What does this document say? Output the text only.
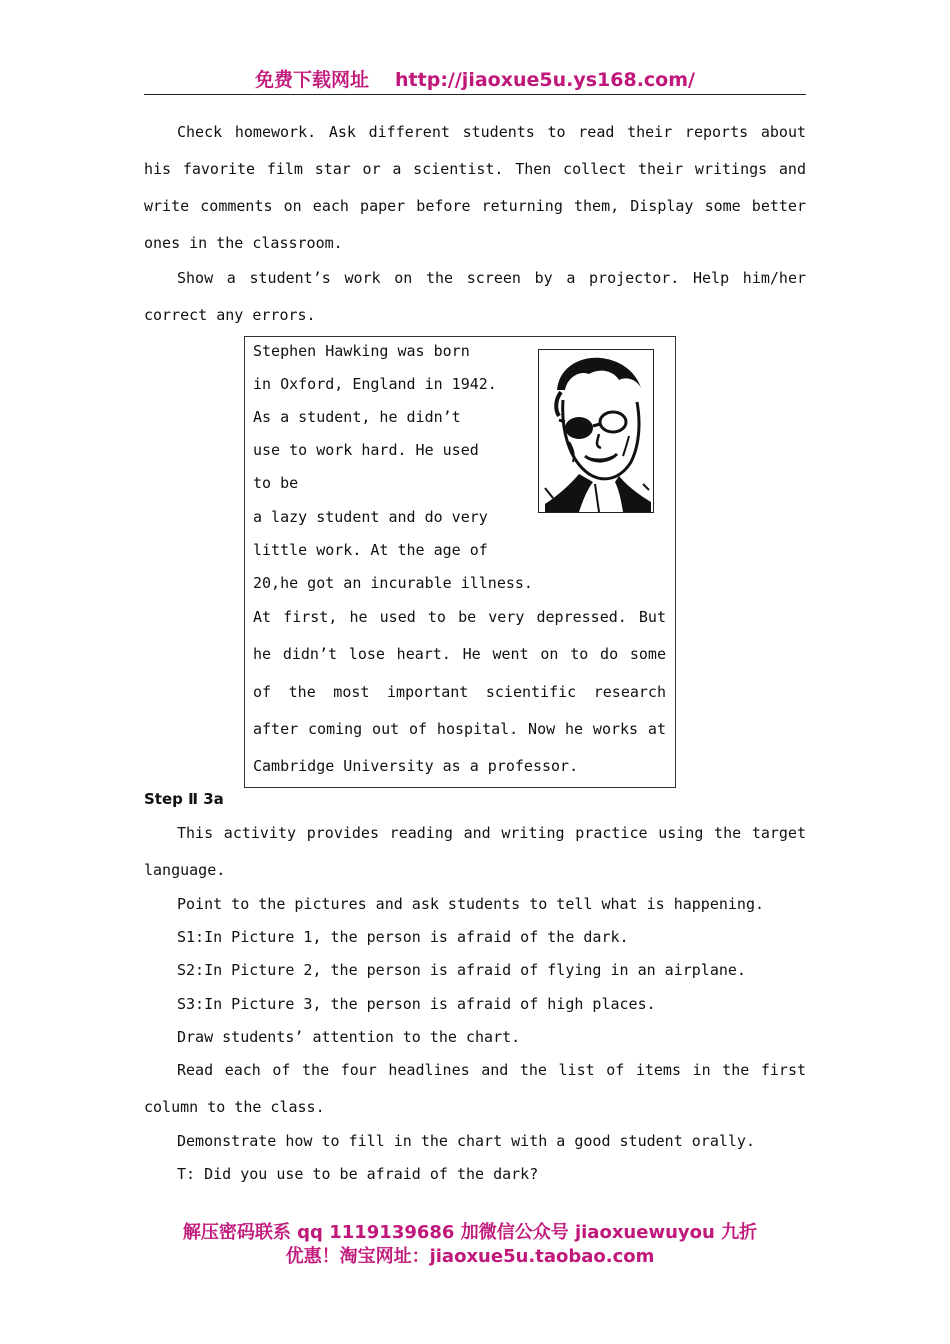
免费下载网址 http://jiaoxue5u.ys168.com/

Check homework. Ask different students to read their reports about his favorite film star or a scientist. Then collect their writings and write comments on each paper before returning them, Display some better ones in the classroom.

Show a student’s work on the screen by a projector. Help him/her correct any errors.

Stephen Hawking was born
in Oxford, England in 1942.
As a student, he didn’t
use to work hard. He used
to be
a lazy student and do very
little work. At the age of
20,he got an incurable illness.

At first, he used to be very depressed. But he didn’t lose heart. He went on to do some of the most important scientific research after coming out of hospital. Now he works at Cambridge University as a professor.

Step Ⅱ 3a

This activity provides reading and writing practice using the target language.

Point to the pictures and ask students to tell what is happening.

S1:In Picture 1, the person is afraid of the dark.

S2:In Picture 2, the person is afraid of flying in an airplane.

S3:In Picture 3, the person is afraid of high places.

Draw students’ attention to the chart.

Read each of the four headlines and the list of items in the first column to the class.

Demonstrate how to fill in the chart with a good student orally.

T: Did you use to be afraid of the dark?

解压密码联系 qq 1119139686 加微信公众号 jiaoxuewuyou 九折
优惠！淘宝网址：jiaoxue5u.taobao.com
